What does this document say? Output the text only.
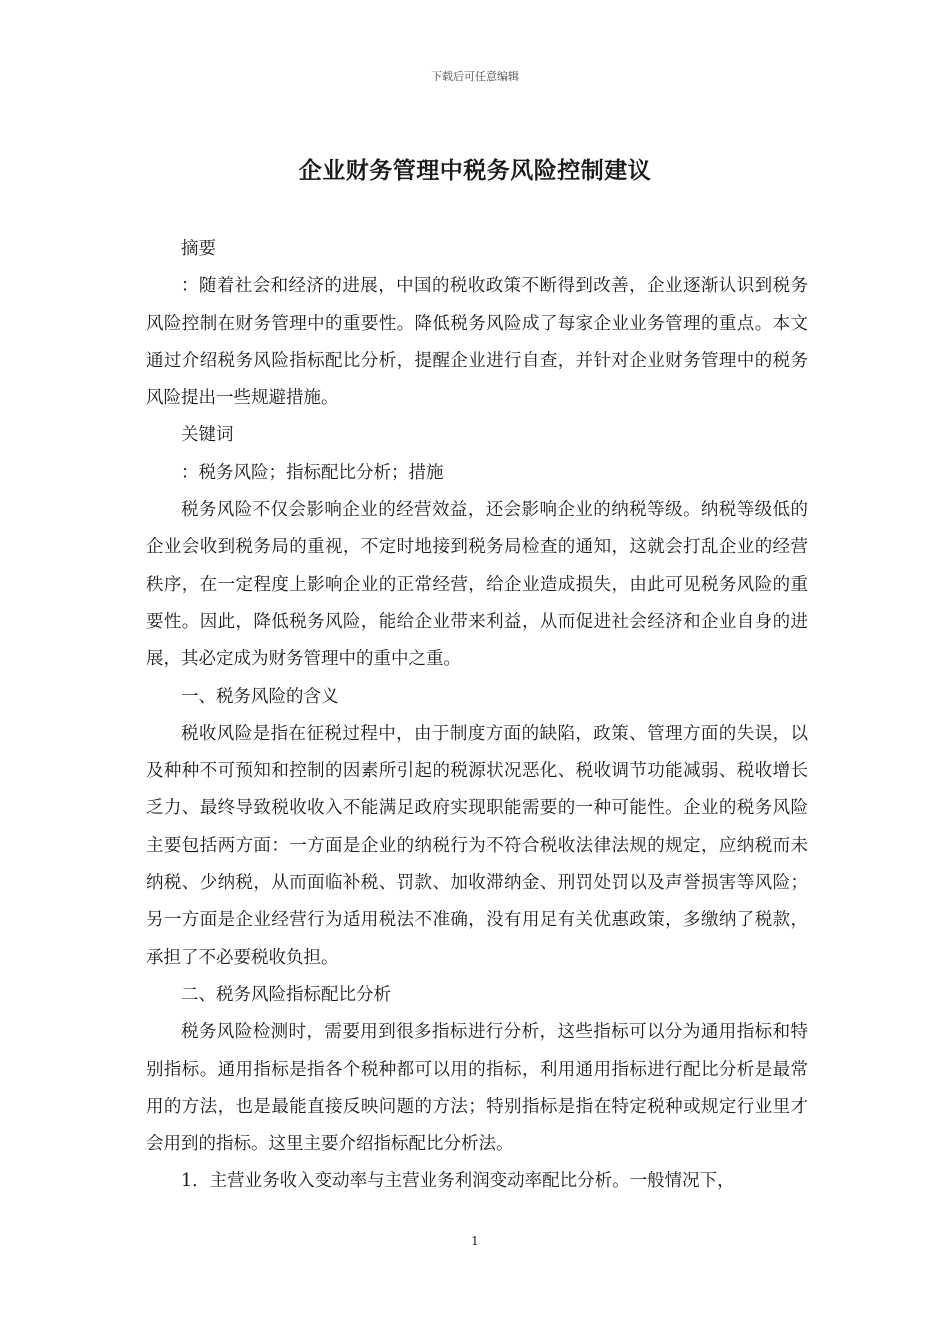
下载后可任意编辑
企业财务管理中税务风险控制建议

摘要

：随着社会和经济的进展，中国的税收政策不断得到改善，企业逐渐认识到税务风险控制在财务管理中的重要性。降低税务风险成了每家企业业务管理的重点。本文通过介绍税务风险指标配比分析，提醒企业进行自查，并针对企业财务管理中的税务风险提出一些规避措施。

关键词

：税务风险；指标配比分析；措施

税务风险不仅会影响企业的经营效益，还会影响企业的纳税等级。纳税等级低的企业会收到税务局的重视，不定时地接到税务局检查的通知，这就会打乱企业的经营秩序，在一定程度上影响企业的正常经营，给企业造成损失，由此可见税务风险的重要性。因此，降低税务风险，能给企业带来利益，从而促进社会经济和企业自身的进展，其必定成为财务管理中的重中之重。

一、税务风险的含义

税收风险是指在征税过程中，由于制度方面的缺陷，政策、管理方面的失误，以及种种不可预知和控制的因素所引起的税源状况恶化、税收调节功能减弱、税收增长乏力、最终导致税收收入不能满足政府实现职能需要的一种可能性。企业的税务风险主要包括两方面：一方面是企业的纳税行为不符合税收法律法规的规定，应纳税而未纳税、少纳税，从而面临补税、罚款、加收滞纳金、刑罚处罚以及声誉损害等风险；另一方面是企业经营行为适用税法不准确，没有用足有关优惠政策，多缴纳了税款，承担了不必要税收负担。

二、税务风险指标配比分析

税务风险检测时，需要用到很多指标进行分析，这些指标可以分为通用指标和特别指标。通用指标是指各个税种都可以用的指标，利用通用指标进行配比分析是最常用的方法，也是最能直接反映问题的方法；特别指标是指在特定税种或规定行业里才会用到的指标。这里主要介绍指标配比分析法。

1．主营业务收入变动率与主营业务利润变动率配比分析。一般情况下，

1
